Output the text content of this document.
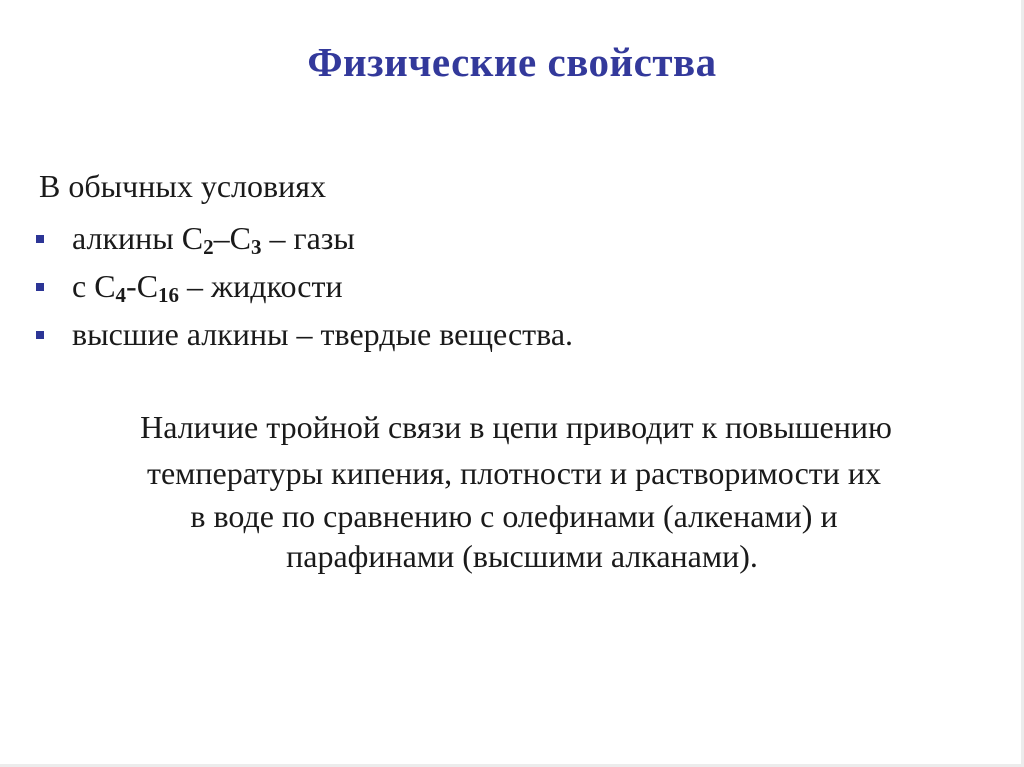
Физические свойства
В обычных условиях
алкины $С_2-С_3$ – газы
с $С_4-С_{16}$ – жидкости
высшие алкины – твердые вещества.
Наличие тройной связи в цепи приводит к повышению
температуры кипения, плотности и растворимости их
в воде по сравнению с олефинами (алкенами) и
парафинами (высшими алканами).
